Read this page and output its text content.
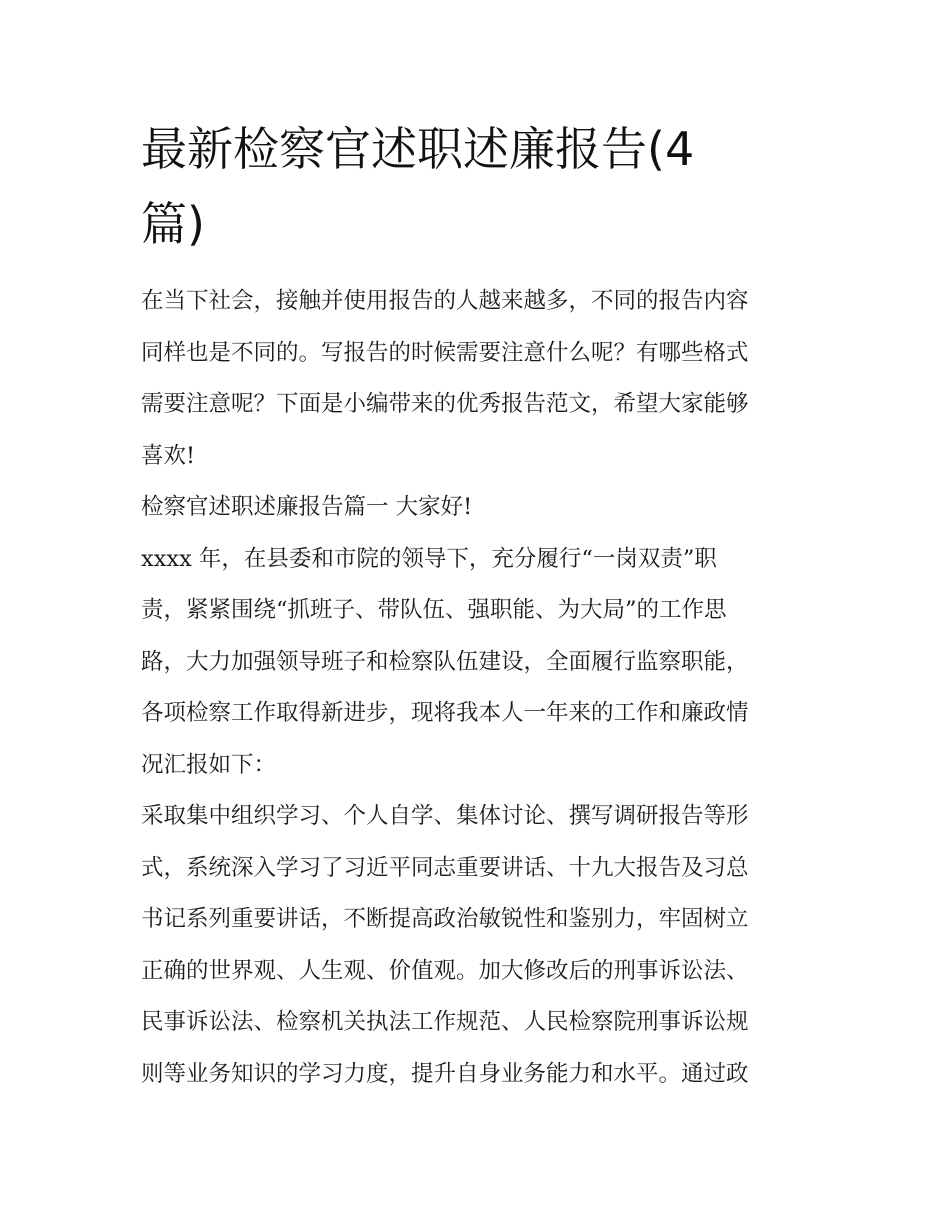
最新检察官述职述廉报告(4
篇)
在当下社会，接触并使用报告的人越来越多，不同的报告内容
同样也是不同的。写报告的时候需要注意什么呢？有哪些格式
需要注意呢？下面是小编带来的优秀报告范文，希望大家能够
喜欢!
检察官述职述廉报告篇一 大家好!
xxxx 年，在县委和市院的领导下，充分履行“一岗双责”职
责，紧紧围绕“抓班子、带队伍、强职能、为大局”的工作思
路，大力加强领导班子和检察队伍建设，全面履行监察职能，
各项检察工作取得新进步，现将我本人一年来的工作和廉政情
况汇报如下：
采取集中组织学习、个人自学、集体讨论、撰写调研报告等形
式，系统深入学习了习近平同志重要讲话、十九大报告及习总
书记系列重要讲话，不断提高政治敏锐性和鉴别力，牢固树立
正确的世界观、人生观、价值观。加大修改后的刑事诉讼法、
民事诉讼法、检察机关执法工作规范、人民检察院刑事诉讼规
则等业务知识的学习力度，提升自身业务能力和水平。通过政
